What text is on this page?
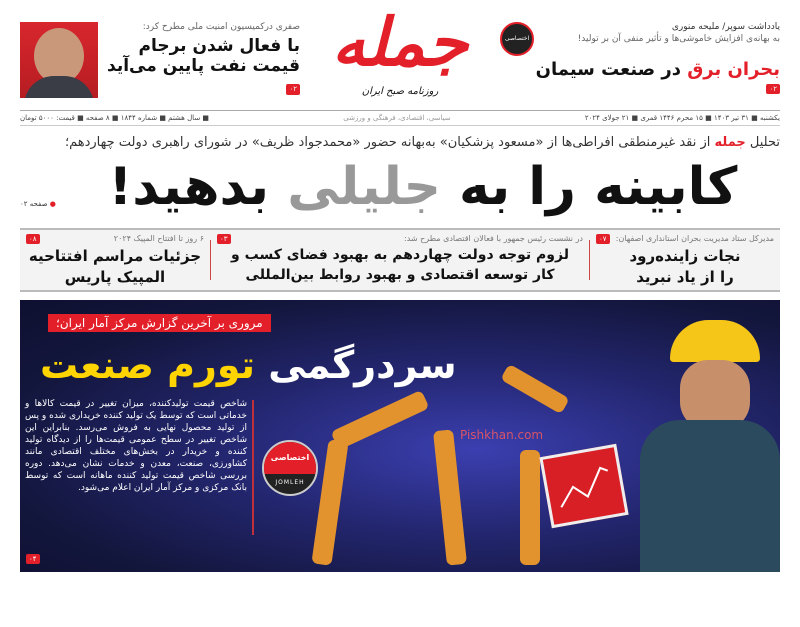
یادداشت سوپر/ ملیحه منوری
به بهانه‌ی افزایش خاموشی‌ها و تأثیر منفی آن بر تولید!
اختصاصی
بحران برق در صنعت سیمان
۰۲
جمله
روزنامه صبح ایران
صفری درکمیسیون امنیت ملی مطرح کرد:
با فعال شدن برجام
قیمت نفت پایین می‌آید
۰۲
یکشنبه ■ ۳۱ تیر ۱۴۰۳ ■ ۱۵ محرم ۱۴۴۶ قمری ■ ۲۱ جولای ۲۰۲۴
سیاسی، اقتصادی، فرهنگی و ورزشی
■ سال هشتم ■ شماره ۱۸۴۴ ■ ۸ صفحه ■ قیمت: ۵۰۰۰ تومان
تحلیل جمله از نقد غیرمنطقی افراطی‌ها از «مسعود پزشکیان» به‌بهانه حضور «محمدجواد ظریف» در شورای راهبری دولت چهاردهم؛
کابینه را به جلیلی بدهید!
● صفحه ۰۲
مدیرکل ستاد مدیریت بحران استانداری اصفهان:
۰۷
نجات زاینده‌رود
را از یاد نبرید
در نشست رئیس جمهور با فعالان اقتصادی مطرح شد:
۰۳
لزوم توجه دولت چهاردهم به بهبود فضای کسب و
کار توسعه اقتصادی و بهبود روابط بین‌المللی
۶ روز تا افتتاح المپیک ۲۰۲۴
۰۸
جزئیات مراسم افتتاحیه
المپیک پاریس
Pishkhan.com
مروری بر آخرین گزارش مرکز آمار ایران؛
سردرگمی تورم صنعت
شاخص قیمت تولیدکننده، میزان تغییر در قیمت کالاها و خدماتی است که توسط یک تولید کننده خریداری شده و پس از تولید محصول نهایی به فروش می‌رسد. بنابراین این شاخص تغییر در سطح عمومی قیمت‌ها را از دیدگاه تولید کننده و خریدار در بخش‌های مختلف اقتصادی مانند کشاورزی، صنعت، معدن و خدمات نشان می‌دهد. دوره بررسی شاخص قیمت تولید کننده ماهانه است که توسط بانک مرکزی و مرکز آمار ایران اعلام می‌شود.
۰۴
اختصاصی
JOMLEH
